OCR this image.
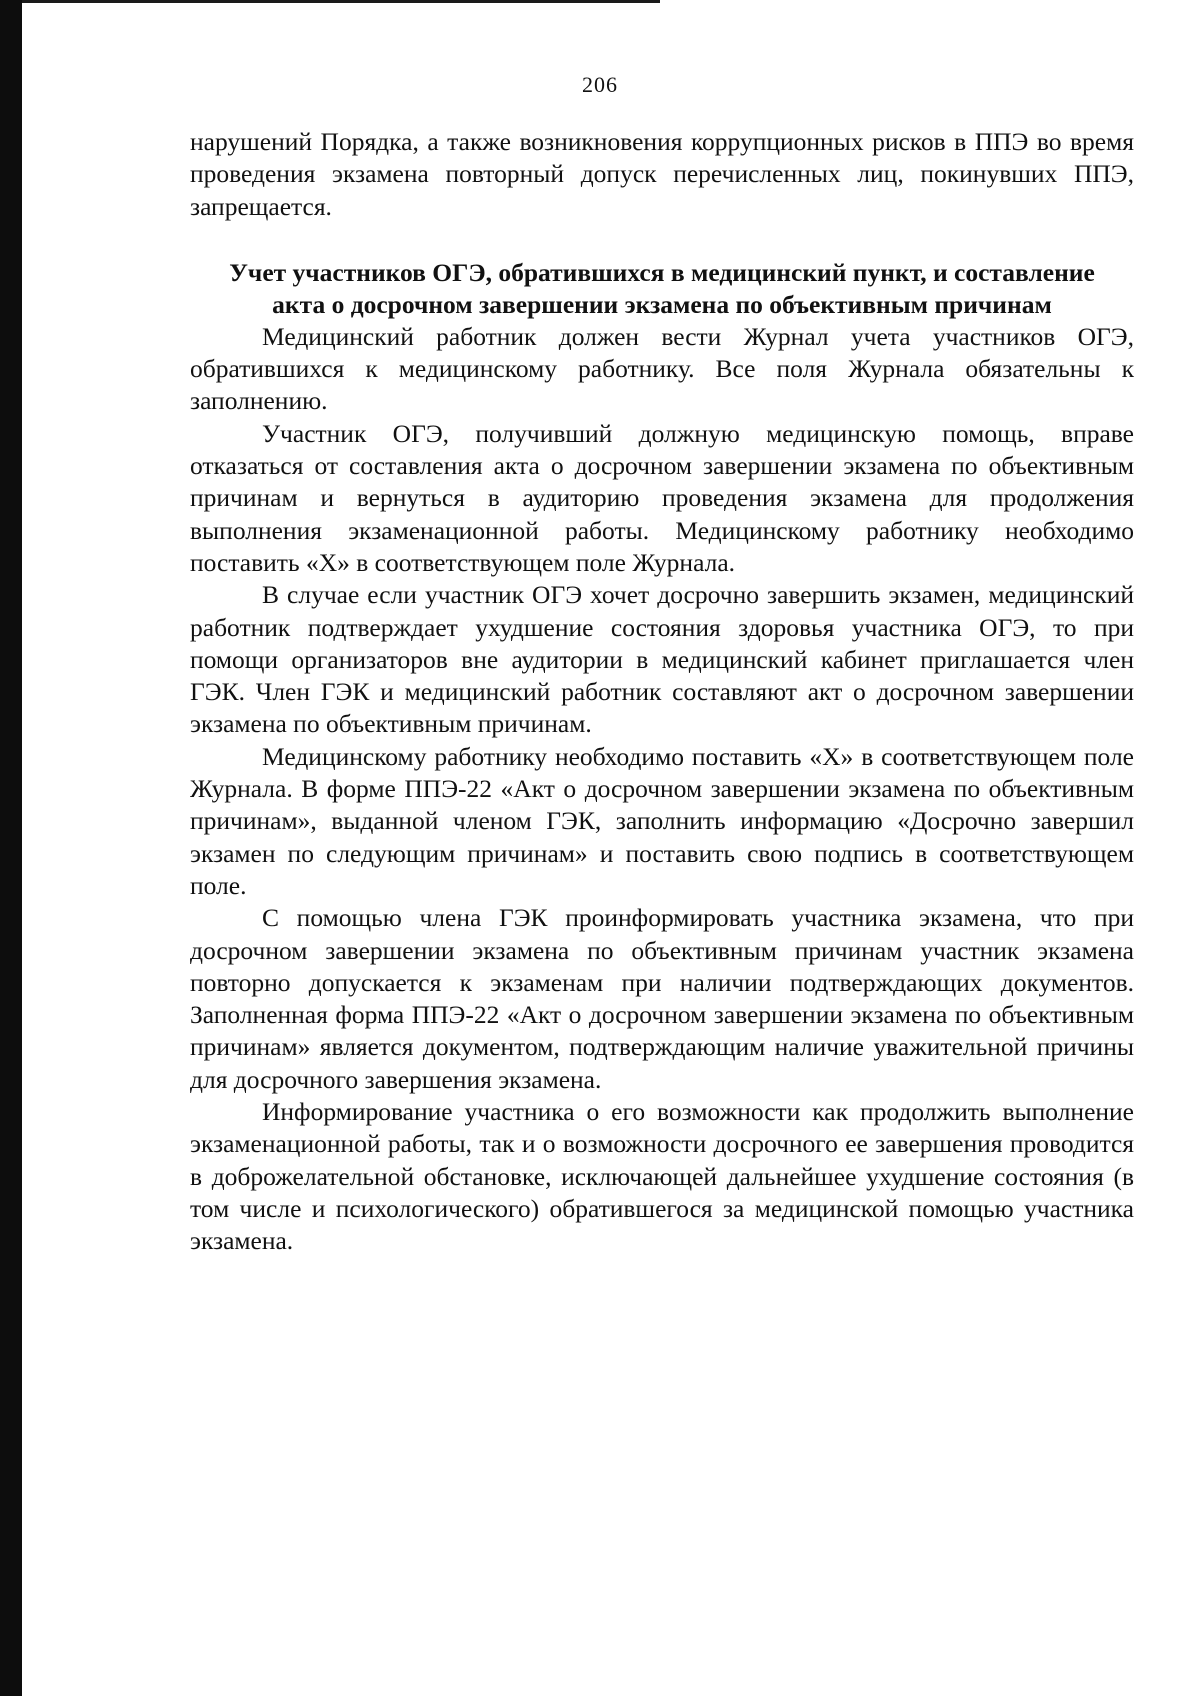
206

нарушений Порядка, а также возникновения коррупционных рисков в ППЭ во время проведения экзамена повторный допуск перечисленных лиц, покинувших ППЭ, запрещается.

Учет участников ОГЭ, обратившихся в медицинский пункт, и составление акта о досрочном завершении экзамена по объективным причинам

Медицинский работник должен вести Журнал учета участников ОГЭ, обратившихся к медицинскому работнику. Все поля Журнала обязательны к заполнению.

Участник ОГЭ, получивший должную медицинскую помощь, вправе отказаться от составления акта о досрочном завершении экзамена по объективным причинам и вернуться в аудиторию проведения экзамена для продолжения выполнения экзаменационной работы. Медицинскому работнику необходимо поставить «Х» в соответствующем поле Журнала.

В случае если участник ОГЭ хочет досрочно завершить экзамен, медицинский работник подтверждает ухудшение состояния здоровья участника ОГЭ, то при помощи организаторов вне аудитории в медицинский кабинет приглашается член ГЭК. Член ГЭК и медицинский работник составляют акт о досрочном завершении экзамена по объективным причинам.

Медицинскому работнику необходимо поставить «Х» в соответствующем поле Журнала. В форме ППЭ-22 «Акт о досрочном завершении экзамена по объективным причинам», выданной членом ГЭК, заполнить информацию «Досрочно завершил экзамен по следующим причинам» и поставить свою подпись в соответствующем поле.

С помощью члена ГЭК проинформировать участника экзамена, что при досрочном завершении экзамена по объективным причинам участник экзамена повторно допускается к экзаменам при наличии подтверждающих документов. Заполненная форма ППЭ-22 «Акт о досрочном завершении экзамена по объективным причинам» является документом, подтверждающим наличие уважительной причины для досрочного завершения экзамена.

Информирование участника о его возможности как продолжить выполнение экзаменационной работы, так и о возможности досрочного ее завершения проводится в доброжелательной обстановке, исключающей дальнейшее ухудшение состояния (в том числе и психологического) обратившегося за медицинской помощью участника экзамена.
